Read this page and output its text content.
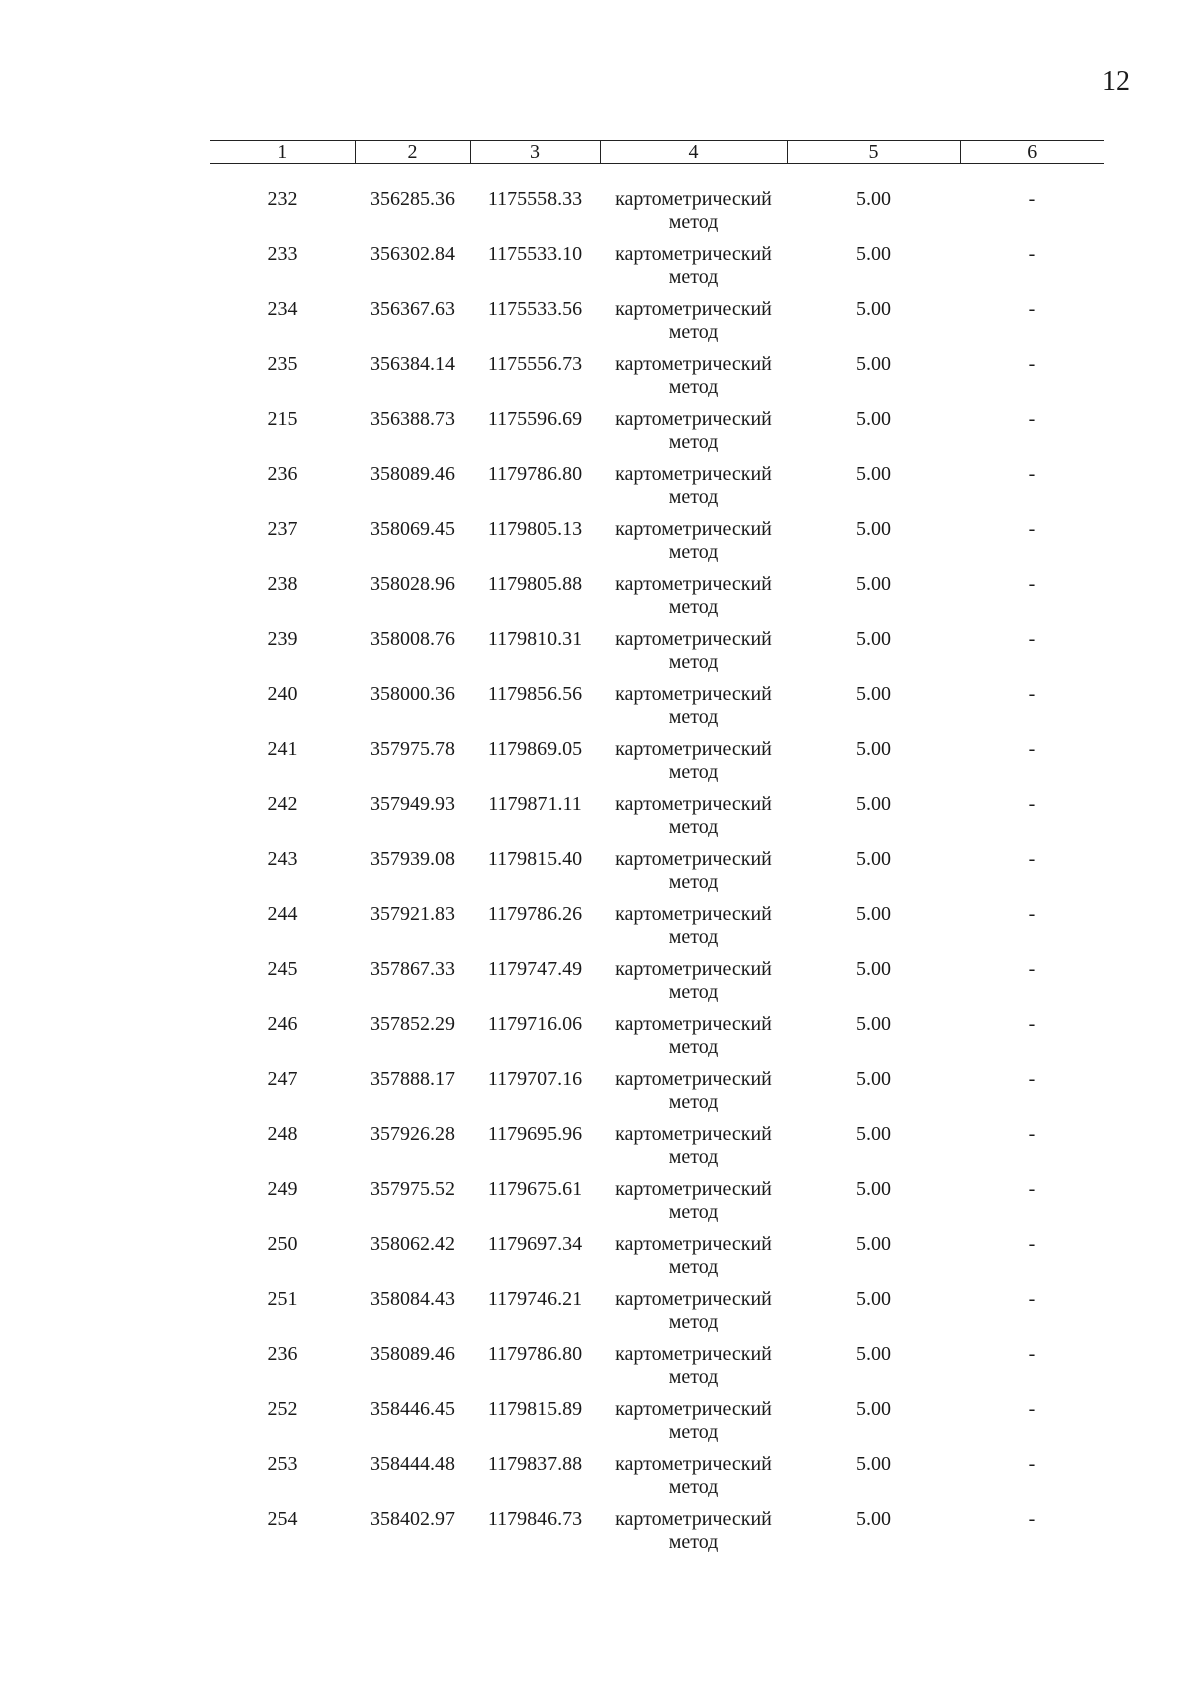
12
1	2	3	4	5	6

232	356285.36	1175558.33	картометрический
метод	5.00	-
233	356302.84	1175533.10	картометрический
метод	5.00	-
234	356367.63	1175533.56	картометрический
метод	5.00	-
235	356384.14	1175556.73	картометрический
метод	5.00	-
215	356388.73	1175596.69	картометрический
метод	5.00	-
236	358089.46	1179786.80	картометрический
метод	5.00	-
237	358069.45	1179805.13	картометрический
метод	5.00	-
238	358028.96	1179805.88	картометрический
метод	5.00	-
239	358008.76	1179810.31	картометрический
метод	5.00	-
240	358000.36	1179856.56	картометрический
метод	5.00	-
241	357975.78	1179869.05	картометрический
метод	5.00	-
242	357949.93	1179871.11	картометрический
метод	5.00	-
243	357939.08	1179815.40	картометрический
метод	5.00	-
244	357921.83	1179786.26	картометрический
метод	5.00	-
245	357867.33	1179747.49	картометрический
метод	5.00	-
246	357852.29	1179716.06	картометрический
метод	5.00	-
247	357888.17	1179707.16	картометрический
метод	5.00	-
248	357926.28	1179695.96	картометрический
метод	5.00	-
249	357975.52	1179675.61	картометрический
метод	5.00	-
250	358062.42	1179697.34	картометрический
метод	5.00	-
251	358084.43	1179746.21	картометрический
метод	5.00	-
236	358089.46	1179786.80	картометрический
метод	5.00	-
252	358446.45	1179815.89	картометрический
метод	5.00	-
253	358444.48	1179837.88	картометрический
метод	5.00	-
254	358402.97	1179846.73	картометрический
метод	5.00	-
